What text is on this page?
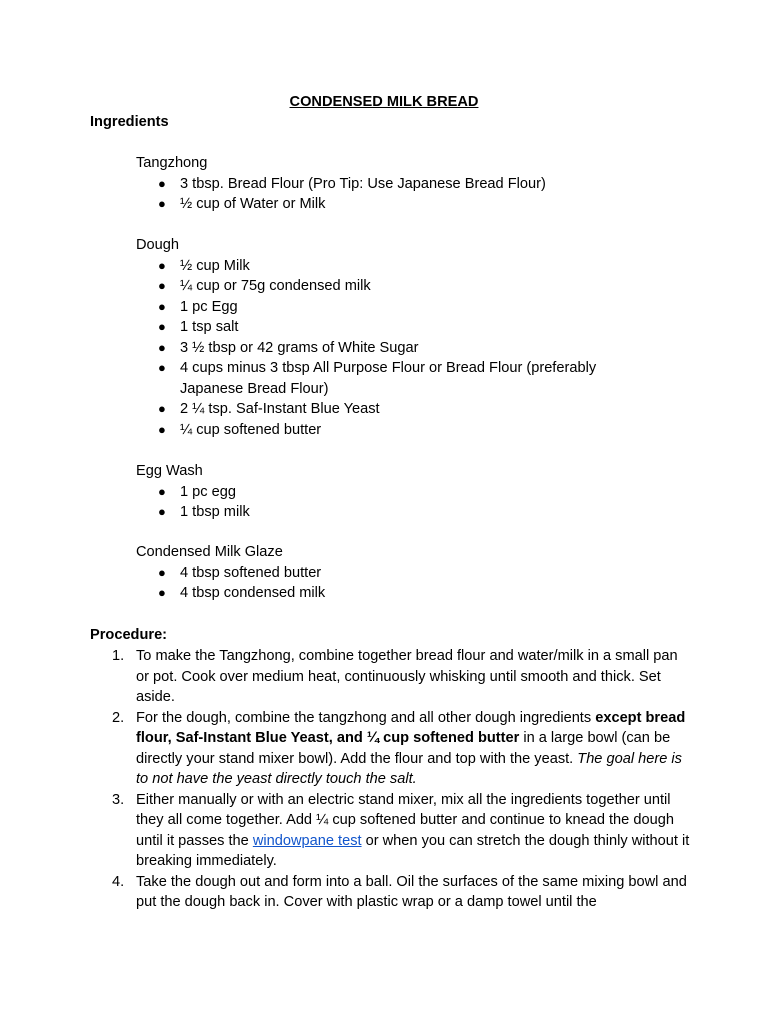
CONDENSED MILK BREAD
Ingredients

Tangzhong

● 3 tbsp. Bread Flour (Pro Tip: Use Japanese Bread Flour)
● ½ cup of Water or Milk

Dough

● ½ cup Milk
● ¼ cup or 75g condensed milk
● 1 pc Egg
● 1 tsp salt
● 3 ½ tbsp or 42 grams of White Sugar
● 4 cups minus 3 tbsp All Purpose Flour or Bread Flour (preferably Japanese Bread Flour)
● 2 ¼ tsp. Saf-Instant Blue Yeast
● ¼ cup softened butter

Egg Wash

● 1 pc egg
● 1 tbsp milk

Condensed Milk Glaze

● 4 tbsp softened butter
● 4 tbsp condensed milk
Procedure:
1. To make the Tangzhong, combine together bread flour and water/milk in a small pan or pot. Cook over medium heat, continuously whisking until smooth and thick. Set aside.
2. For the dough, combine the tangzhong and all other dough ingredients except bread flour, Saf-Instant Blue Yeast, and ¼ cup softened butter in a large bowl (can be directly your stand mixer bowl). Add the flour and top with the yeast. The goal here is to not have the yeast directly touch the salt.
3. Either manually or with an electric stand mixer, mix all the ingredients together until they all come together. Add ¼ cup softened butter and continue to knead the dough until it passes the windowpane test or when you can stretch the dough thinly without it breaking immediately.
4. Take the dough out and form into a ball. Oil the surfaces of the same mixing bowl and put the dough back in. Cover with plastic wrap or a damp towel until the
